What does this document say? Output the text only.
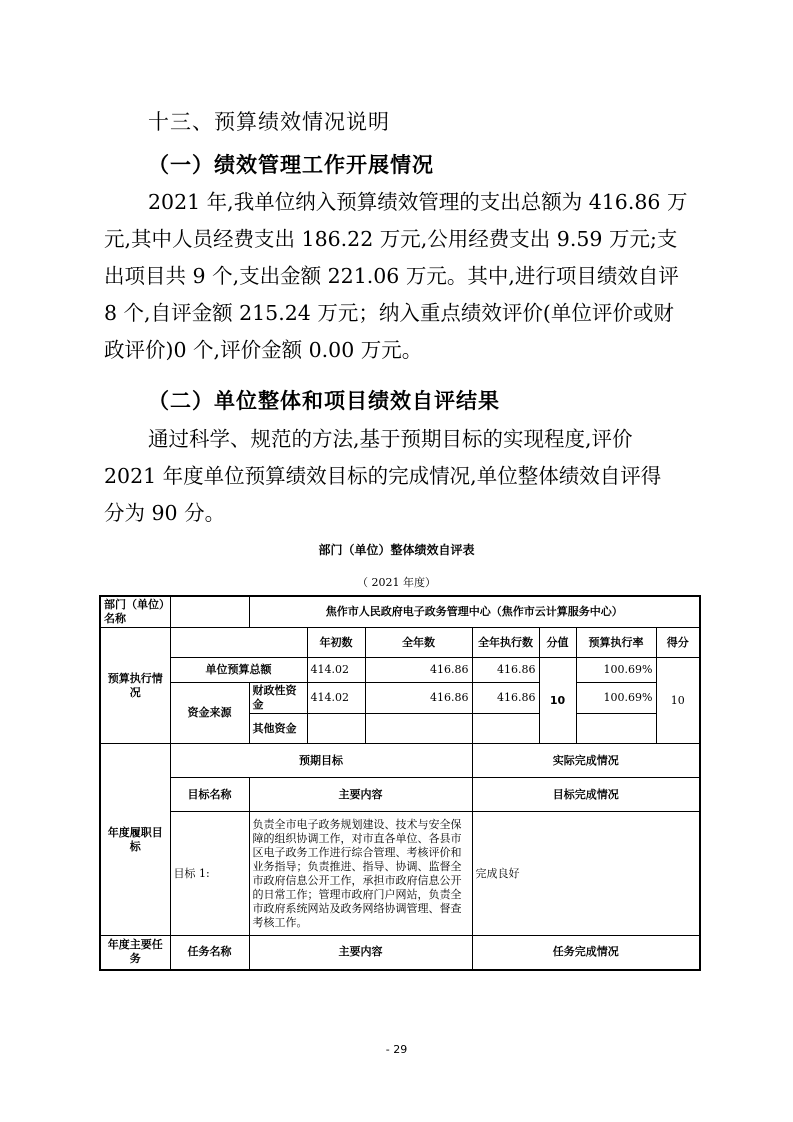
十三、预算绩效情况说明
（一）绩效管理工作开展情况
2021 年,我单位纳入预算绩效管理的支出总额为 416.86 万
元,其中人员经费支出 186.22 万元,公用经费支出 9.59 万元;支
出项目共 9 个,支出金额 221.06 万元。其中,进行项目绩效自评
8 个,自评金额 215.24 万元；纳入重点绩效评价(单位评价或财
政评价)0 个,评价金额 0.00 万元。
（二）单位整体和项目绩效自评结果
通过科学、规范的方法,基于预期目标的实现程度,评价
2021 年度单位预算绩效目标的完成情况,单位整体绩效自评得
分为 90 分。
部门（单位）整体绩效自评表
（ 2021 年度）
部门（单位）名称		焦作市人民政府电子政务管理中心（焦作市云计算服务中心）						
预算执行情况			年初数	全年数	全年执行数	分值	预算执行率	得分
	单位预算总额		414.02	416.86	416.86	10	100.69%	10
	资金来源	财政性资金	414.02	416.86	416.86		100.69%	
		其他资金						
年度履职目标	预期目标				实际完成情况			
	目标名称	主要内容			目标完成情况			
	目标 1:	负责全市电子政务规划建设、技术与安全保障的组织协调工作，对市直各单位、各县市区电子政务工作进行综合管理、考核评价和业务指导；负责推进、指导、协调、监督全市政府信息公开工作，承担市政府信息公开的日常工作；管理市政府门户网站，负责全市政府系统网站及政务网络协调管理、督查考核工作。			完成良好			
年度主要任务	任务名称	主要内容			任务完成情况			
- 29
